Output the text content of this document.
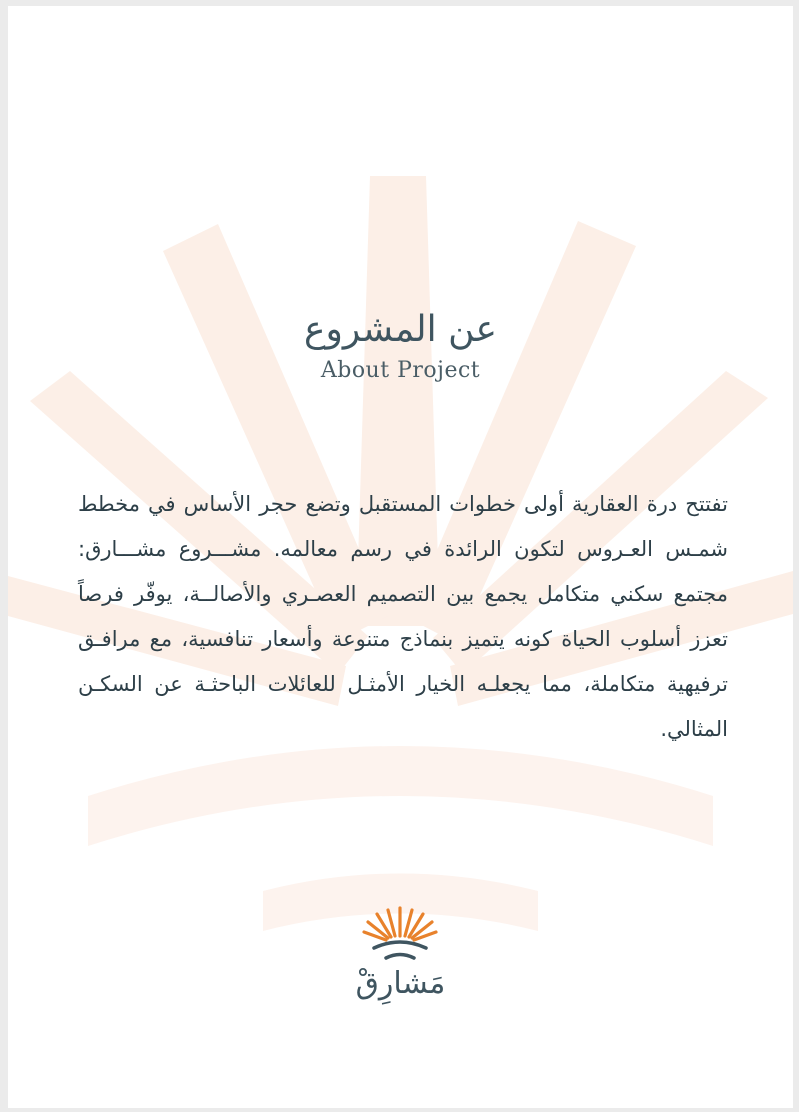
عن المشروع
About Project
تفتتح درة العقارية أولى خطوات المستقبل وتضع حجر الأساس في مخطط شمـس العـروس لتكون الرائدة في رسم معالمه. مشـــروع مشـــارق: مجتمع سكني متكامل يجمع بين التصميم العصـري والأصالــة، يوفّر فرصاً تعزز أسلوب الحياة كونه يتميز بنماذج متنوعة وأسعار تنافسية، مع مرافـق ترفيهية متكاملة، مما يجعلـه الخيار الأمثـل للعائلات الباحثـة عن السكـن المثالي.
مَشارِقْ
